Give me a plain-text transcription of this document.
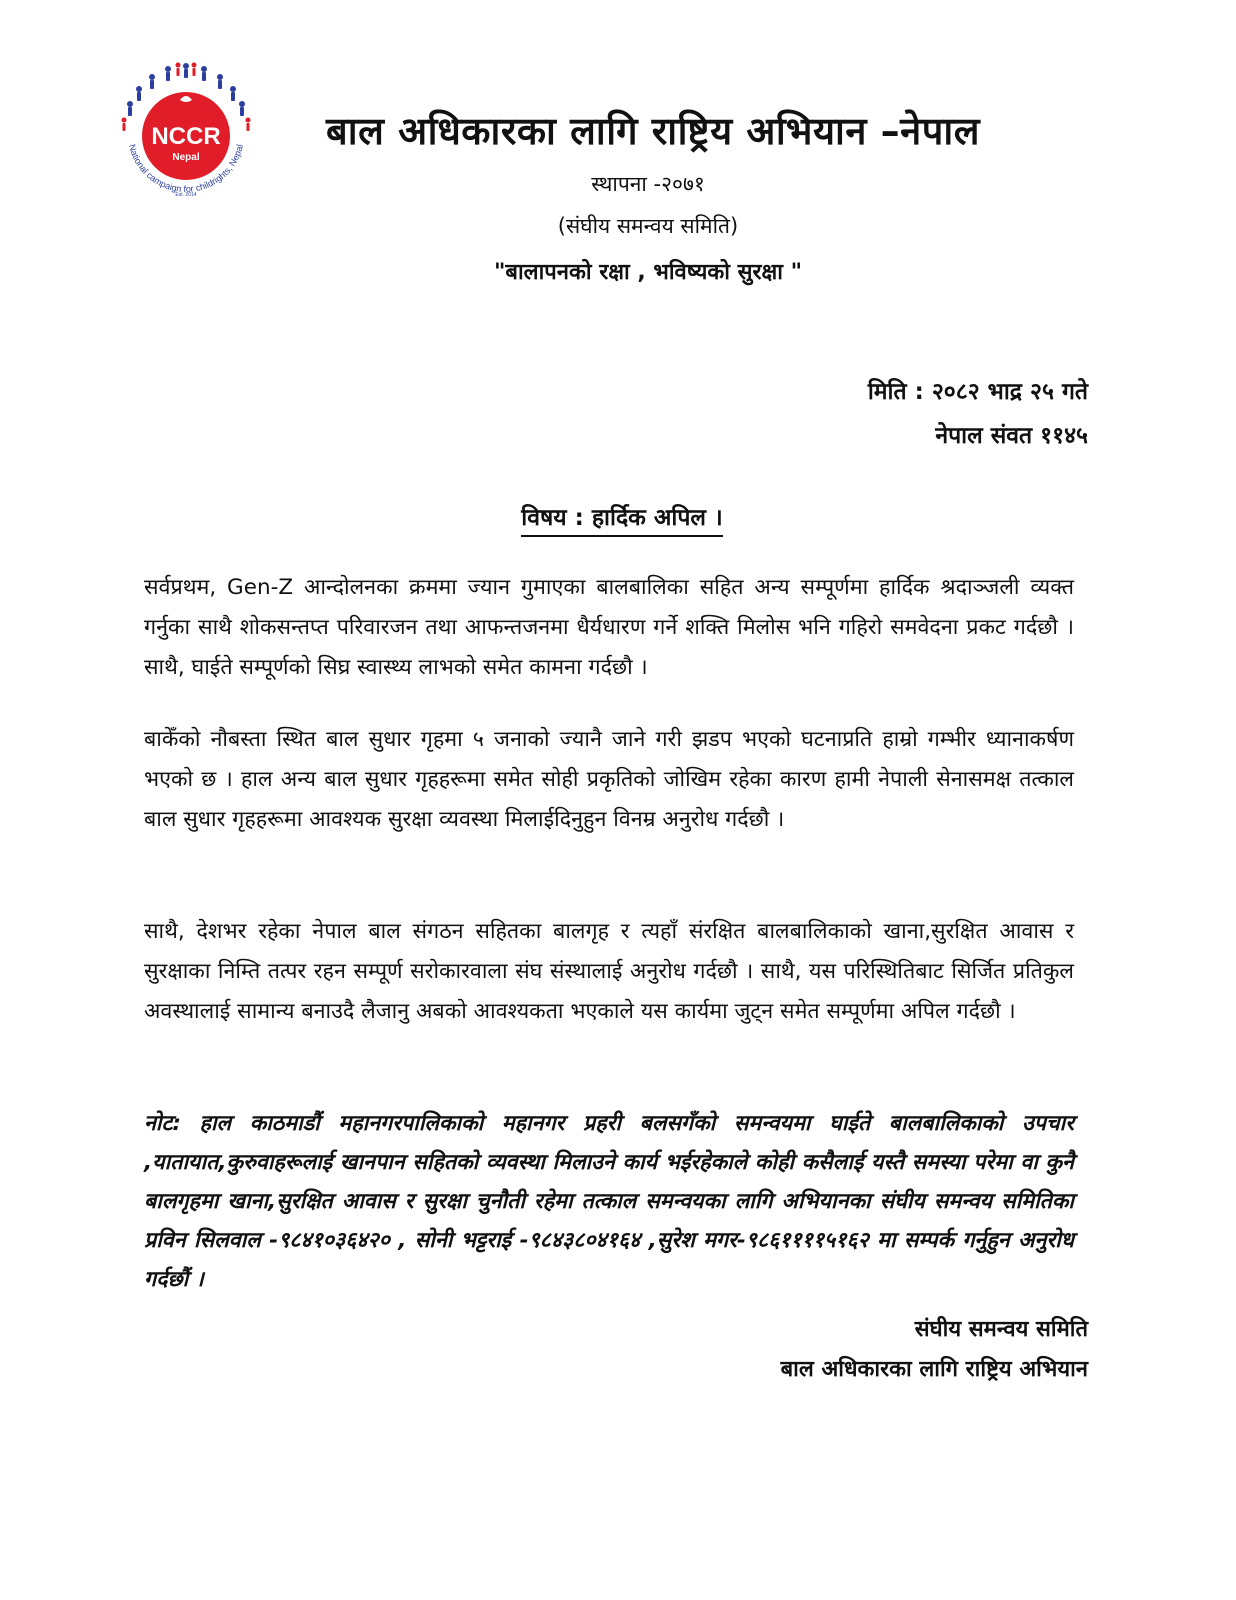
NCCR
Nepal
Est. 2014
National campaign for childrights, Nepal	बाल अधिकारका लागि राष्ट्रिय अभियान –नेपाल
स्थापना -२०७१
(संघीय समन्वय समिति)
"बालापनको रक्षा , भविष्यको सुरक्षा "
मिति : २०८२ भाद्र २५ गते
नेपाल संवत ११४५
विषय : हार्दिक अपिल ।

सर्वप्रथम, Gen-Z आन्दोलनका क्रममा ज्यान गुमाएका बालबालिका सहित अन्य सम्पूर्णमा हार्दिक श्रदाञ्जली व्यक्त गर्नुका साथै शोकसन्तप्त परिवारजन तथा आफन्तजनमा धैर्यधारण गर्ने शक्ति मिलोस भनि गहिरो समवेदना प्रकट गर्दछौ । साथै, घाईते सम्पूर्णको सिघ्र स्वास्थ्य लाभको समेत कामना गर्दछौ ।

बाकेँको नौबस्ता स्थित बाल सुधार गृहमा ५ जनाको ज्यानै जाने गरी झडप भएको घटनाप्रति हाम्रो गम्भीर ध्यानाकर्षण भएको छ । हाल अन्य बाल सुधार गृहहरूमा समेत सोही प्रकृतिको जोखिम रहेका कारण हामी नेपाली सेनासमक्ष तत्काल बाल सुधार गृहहरूमा आवश्यक सुरक्षा व्यवस्था मिलाईदिनुहुन विनम्र अनुरोध गर्दछौ ।

साथै, देशभर रहेका नेपाल बाल संगठन सहितका बालगृह र त्यहाँ संरक्षित बालबालिकाको खाना,सुरक्षित आवास र सुरक्षाका निम्ति तत्पर रहन सम्पूर्ण सरोकारवाला संघ संस्थालाई अनुरोध गर्दछौ । साथै, यस परिस्थितिबाट सिर्जित प्रतिकुल अवस्थालाई सामान्य बनाउदै लैजानु अबको आवश्यकता भएकाले यस कार्यमा जुट्न समेत सम्पूर्णमा अपिल गर्दछौ ।

नोट: हाल काठमाडौं महानगरपालिकाको महानगर प्रहरी बलसगँको समन्वयमा घाईते बालबालिकाको उपचार ,यातायात,कुरुवाहरूलाई खानपान सहितको व्यवस्था मिलाउने कार्य भईरहेकाले कोही कसैलाई यस्तै समस्या परेमा वा कुनै बालगृहमा खाना,सुरक्षित आवास र सुरक्षा चुनौती रहेमा तत्काल समन्वयका लागि अभियानका संघीय समन्वय समितिका प्रविन सिलवाल -९८४१०३६४२० , सोनी भट्टराई -९८४३८०४१६४ ,सुरेश मगर-९८६११११५१६२ मा सम्पर्क गर्नुहुन अनुरोध गर्दछौं ।

संघीय समन्वय समिति
बाल अधिकारका लागि राष्ट्रिय अभियान
